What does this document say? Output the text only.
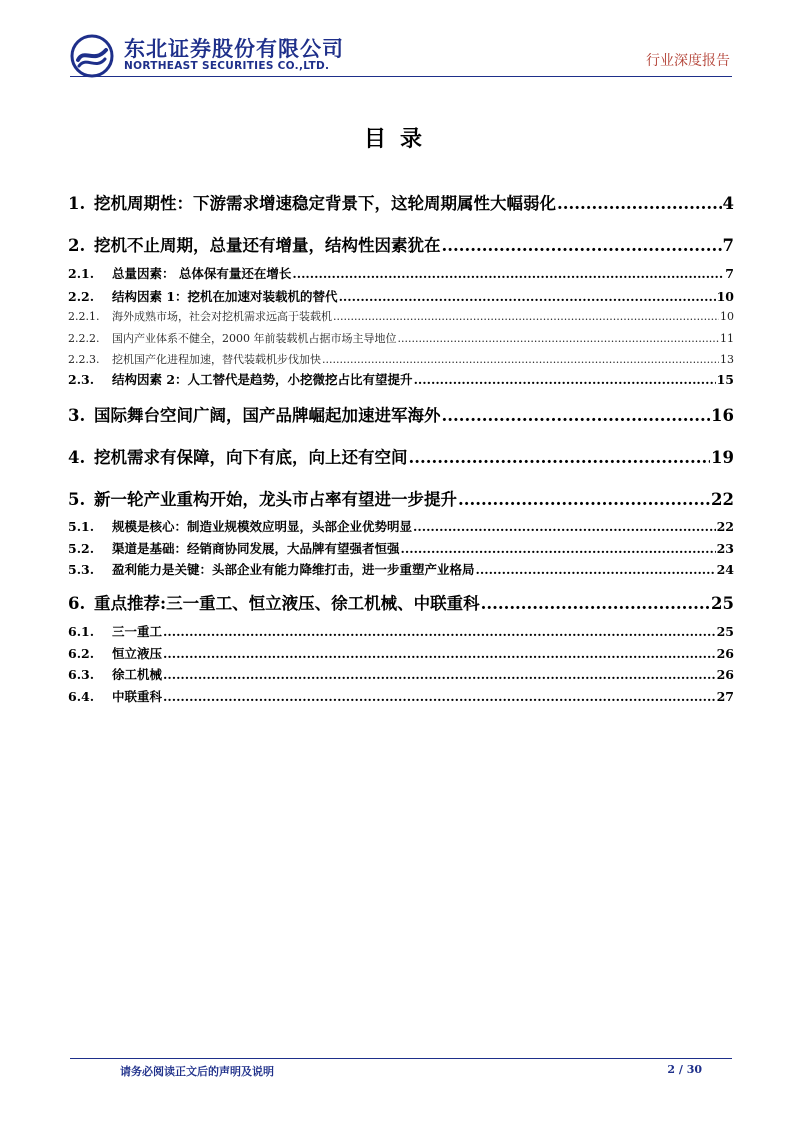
东北证券股份有限公司
NORTHEAST SECURITIES CO.,LTD.	行业深度报告
目录
1. 挖机周期性：下游需求增速稳定背景下，这轮周期属性大幅弱化 .....	4
2. 挖机不止周期，总量还有增量，结构性因素犹在 .....	7
2.1.	总量因素： 总体保有量还在增长 .....	7
2.2.	结构因素 1：挖机在加速对装载机的替代 .....	10
2.2.1.	海外成熟市场，社会对挖机需求远高于装载机 .....	10
2.2.2.	国内产业体系不健全，2000 年前装载机占据市场主导地位 .....	11
2.2.3.	挖机国产化进程加速，替代装载机步伐加快 .....	13
2.3.	结构因素 2：人工替代是趋势，小挖微挖占比有望提升 .....	15
3. 国际舞台空间广阔，国产品牌崛起加速进军海外 .....	16
4. 挖机需求有保障，向下有底，向上还有空间 .....	19
5. 新一轮产业重构开始，龙头市占率有望进一步提升 .....	22
5.1.	规模是核心：制造业规模效应明显，头部企业优势明显 .....	22
5.2.	渠道是基础：经销商协同发展，大品牌有望强者恒强 .....	23
5.3.	盈利能力是关键：头部企业有能力降维打击，进一步重塑产业格局 .....	24
6. 重点推荐:三一重工、恒立液压、徐工机械、中联重科 .....	25
6.1.	三一重工 .....	25
6.2.	恒立液压 .....	26
6.3.	徐工机械 .....	26
6.4.	中联重科 .....	27
请务必阅读正文后的声明及说明	2 / 30
